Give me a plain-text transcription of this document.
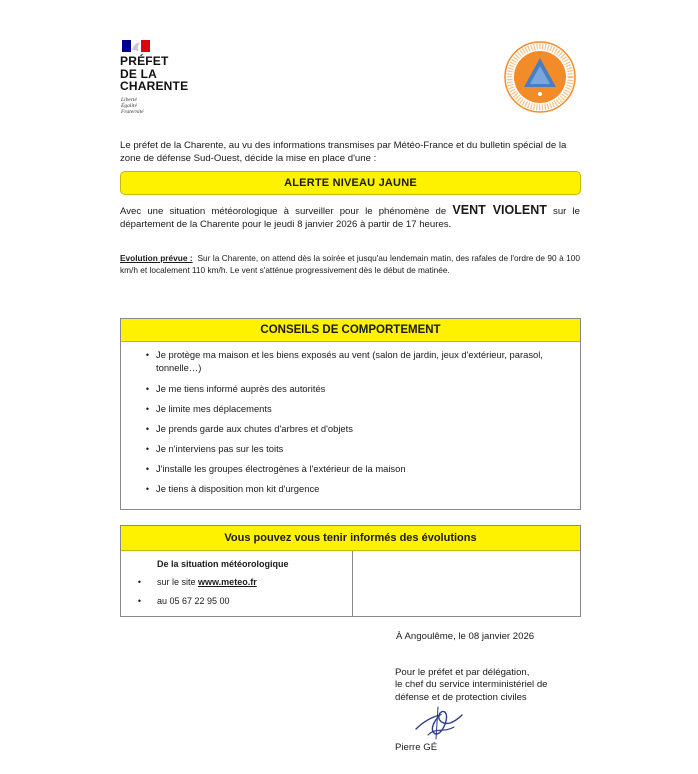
PRÉFET
DE LA
CHARENTE
Liberté
Égalité
Fraternité
Le préfet de la Charente, au vu des informations transmises par Météo-France et du bulletin spécial de la zone de défense Sud-Ouest, décide la mise en place d'une :
ALERTE NIVEAU JAUNE
Avec une situation météorologique à surveiller pour le phénomène de VENT VIOLENT sur le département de la Charente pour le jeudi 8 janvier 2026 à partir de 17 heures.
Evolution prévue : Sur la Charente, on attend dès la soirée et jusqu'au lendemain matin, des rafales de l'ordre de 90 à 100 km/h et localement 110 km/h. Le vent s'atténue progressivement dès le début de matinée.
CONSEILS DE COMPORTEMENT
• Je protège ma maison et les biens exposés au vent (salon de jardin, jeux d'extérieur, parasol, tonnelle…)
• Je me tiens informé auprès des autorités
• Je limite mes déplacements
• Je prends garde aux chutes d'arbres et d'objets
• Je n'interviens pas sur les toits
• J'installe les groupes électrogènes à l'extérieur de la maison
• Je tiens à disposition mon kit d'urgence
Vous pouvez vous tenir informés des évolutions
De la situation météorologique
• sur le site www.meteo.fr
• au 05 67 22 95 00
À Angoulême, le 08 janvier 2026
Pour le préfet et par délégation,
le chef du service interministériel de
défense et de protection civiles
Pierre GÉ
